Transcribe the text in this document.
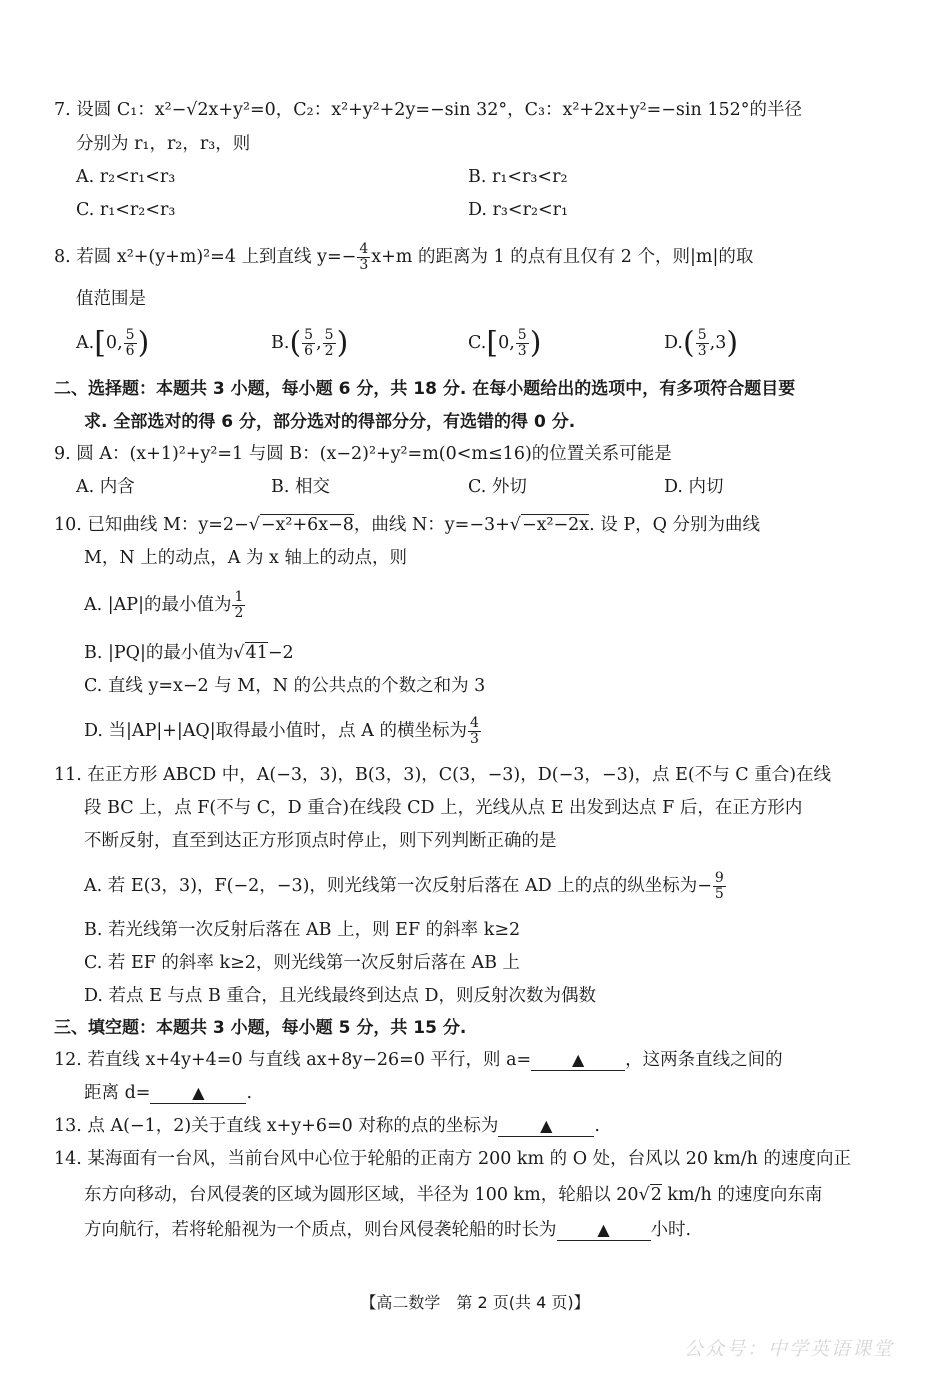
7. 设圆 C₁：x²−√2x+y²=0，C₂：x²+y²+2y=−sin 32°，C₃：x²+2x+y²=−sin 152°的半径
分别为 r₁，r₂，r₃，则
A. r₂<r₁<r₃	B. r₁<r₃<r₂
C. r₁<r₂<r₃	D. r₃<r₂<r₁
8. 若圆 x²+(y+m)²=4 上到直线 $y=- \frac{4}{3} x+m$ 的距离为 1 的点有且仅有 2 个，则|m|的取
值范围是
A.[0, $\frac{5}{6}$ )	$B.( \frac{5}{6}$ , $\frac{5}{2}$ )	C.[0, $\frac{5}{3}$ )	$D.( \frac{5}{3} ,3)$
二、选择题：本题共 3 小题，每小题 6 分，共 18 分. 在每小题给出的选项中，有多项符合题目要
求. 全部选对的得 6 分，部分选对的得部分分，有选错的得 0 分.
9. 圆 A：(x+1)²+y²=1 与圆 B：(x−2)²+y²=m(0<m≤16)的位置关系可能是
A. 内含	B. 相交	C. 外切	D. 内切
10. 已知曲线 M：y=2−√−x²+6x−8，曲线 N：y=−3+√−x²−2x. 设 P，Q 分别为曲线
M，N 上的动点，A 为 x 轴上的动点，则
A. |AP|的最小值为 $\frac{1}{2}$
B. |PQ|的最小值为√41−2
C. 直线 y=x−2 与 M，N 的公共点的个数之和为 3
D. 当|AP|+|AQ|取得最小值时，点 A 的横坐标为 $\frac{4}{3}$
11. 在正方形 ABCD 中，A(−3，3)，B(3，3)，C(3，−3)，D(−3，−3)，点 E(不与 C 重合)在线
段 BC 上，点 F(不与 C，D 重合)在线段 CD 上，光线从点 E 出发到达点 F 后，在正方形内
不断反射，直至到达正方形顶点时停止，则下列判断正确的是
A. 若 E(3，3)，F(−2，−3)，则光线第一次反射后落在 AD 上的点的纵坐标为− $\frac{9}{5}$
B. 若光线第一次反射后落在 AB 上，则 EF 的斜率 k≥2
C. 若 EF 的斜率 k≥2，则光线第一次反射后落在 AB 上
D. 若点 E 与点 B 重合，且光线最终到达点 D，则反射次数为偶数
三、填空题：本题共 3 小题，每小题 5 分，共 15 分.
12. 若直线 x+4y+4=0 与直线 ax+8y−26=0 平行，则 a=	▲ ，这两条直线之间的
距离 d=	▲ .
13. 点 A(−1，2)关于直线 x+y+6=0 对称的点的坐标为	▲ .
14. 某海面有一台风，当前台风中心位于轮船的正南方 200 km 的 O 处，台风以 20 km/h 的速度向正
东方向移动，台风侵袭的区域为圆形区域，半径为 100 km，轮船以 20√2 km/h 的速度向东南
方向航行，若将轮船视为一个质点，则台风侵袭轮船的时长为	▲ 小时.
【高二数学　第 2 页(共 4 页)】
公众号：中学英语课堂
